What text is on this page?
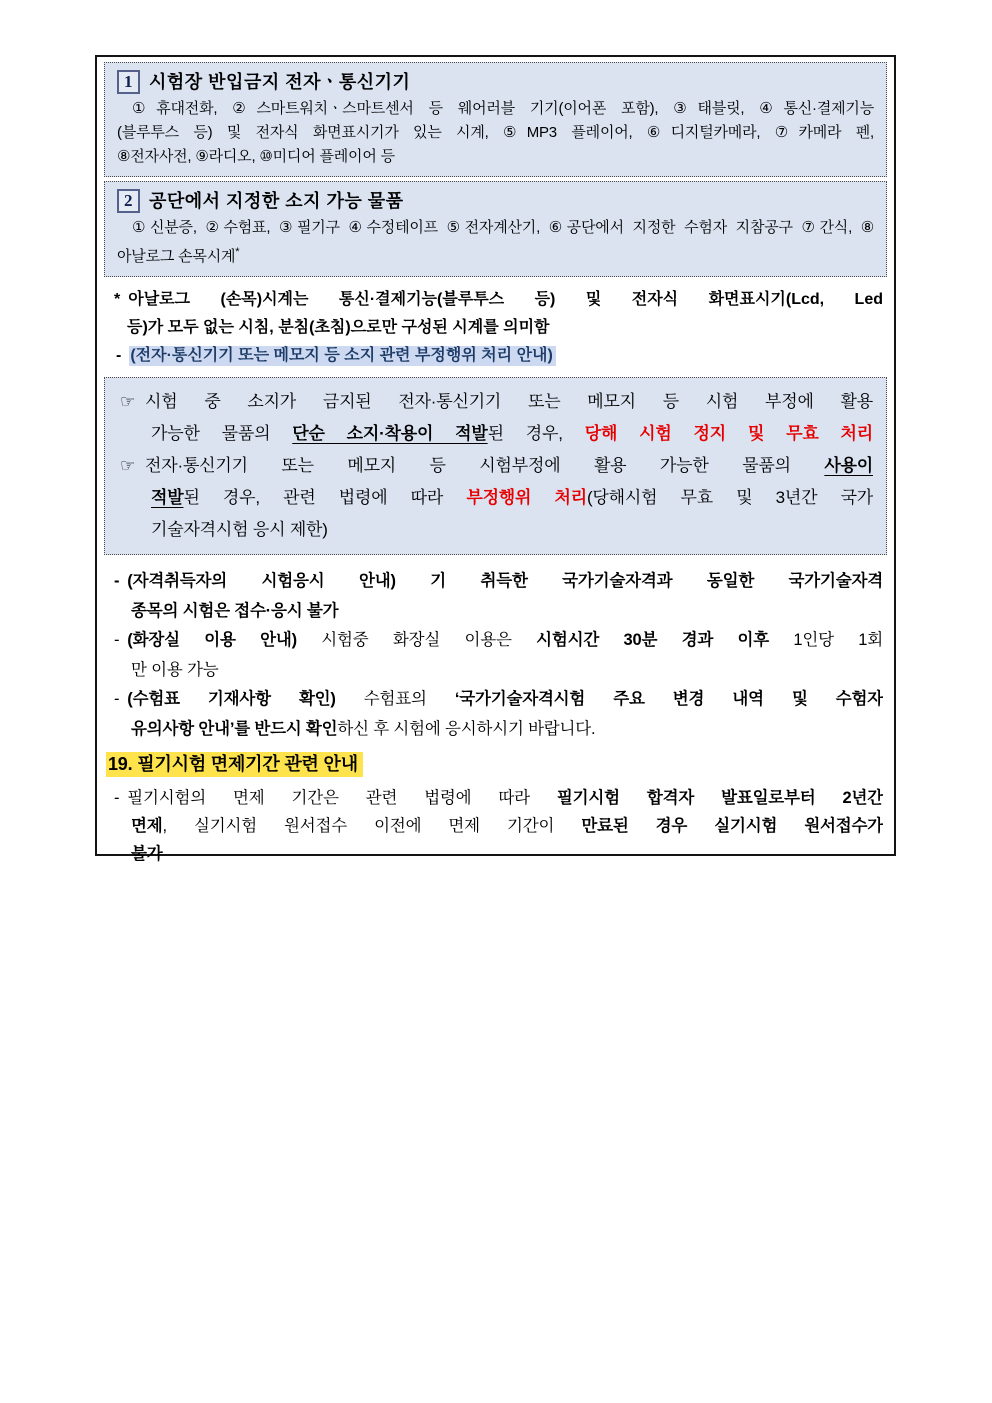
1 시험장 반입금지 전자ㆍ통신기기
①휴대전화, ②스마트워치ㆍ스마트센서 등 웨어러블 기기(이어폰 포함), ③태블릿, ④통신·결제기능
(블루투스 등) 및 전자식 화면표시기가 있는 시계, ⑤MP3 플레이어, ⑥디지털카메라, ⑦카메라 펜,
⑧전자사전, ⑨라디오, ⑩미디어 플레이어 등
2 공단에서 지정한 소지 가능 물품
①신분증, ②수험표, ③필기구 ④수정테이프 ⑤전자계산기, ⑥공단에서 지정한 수험자 지참공구 ⑦간식, ⑧
아날로그 손목시계*
* 아날로그 (손목)시계는 통신·결제기능(블루투스 등) 및 전자식 화면표시기(Lcd, Led
등)가 모두 없는 시침, 분침(초침)으로만 구성된 시계를 의미함
- (전자·통신기기 또는 메모지 등 소지 관련 부정행위 처리 안내)
☞ 시험 중 소지가 금지된 전자·통신기기 또는 메모지 등 시험 부정에 활용
가능한 물품의 단순 소지·착용이 적발된 경우, 당해 시험 정지 및 무효 처리
☞ 전자·통신기기 또는 메모지 등 시험부정에 활용 가능한 물품의 사용이
적발된 경우, 관련 법령에 따라 부정행위 처리(당해시험 무효 및 3년간 국가
기술자격시험 응시 제한)
- (자격취득자의 시험응시 안내) 기 취득한 국가기술자격과 동일한 국가기술자격
종목의 시험은 접수·응시 불가
- (화장실 이용 안내) 시험중 화장실 이용은 시험시간 30분 경과 이후 1인당 1회
만 이용 가능
- (수험표 기재사항 확인) 수험표의 ‘국가기술자격시험 주요 변경 내역 및 수험자
유의사항 안내’를 반드시 확인하신 후 시험에 응시하시기 바랍니다.
19. 필기시험 면제기간 관련 안내
- 필기시험의 면제 기간은 관련 법령에 따라 필기시험 합격자 발표일로부터 2년간
면제, 실기시험 원서접수 이전에 면제 기간이 만료된 경우 실기시험 원서접수가
불가
